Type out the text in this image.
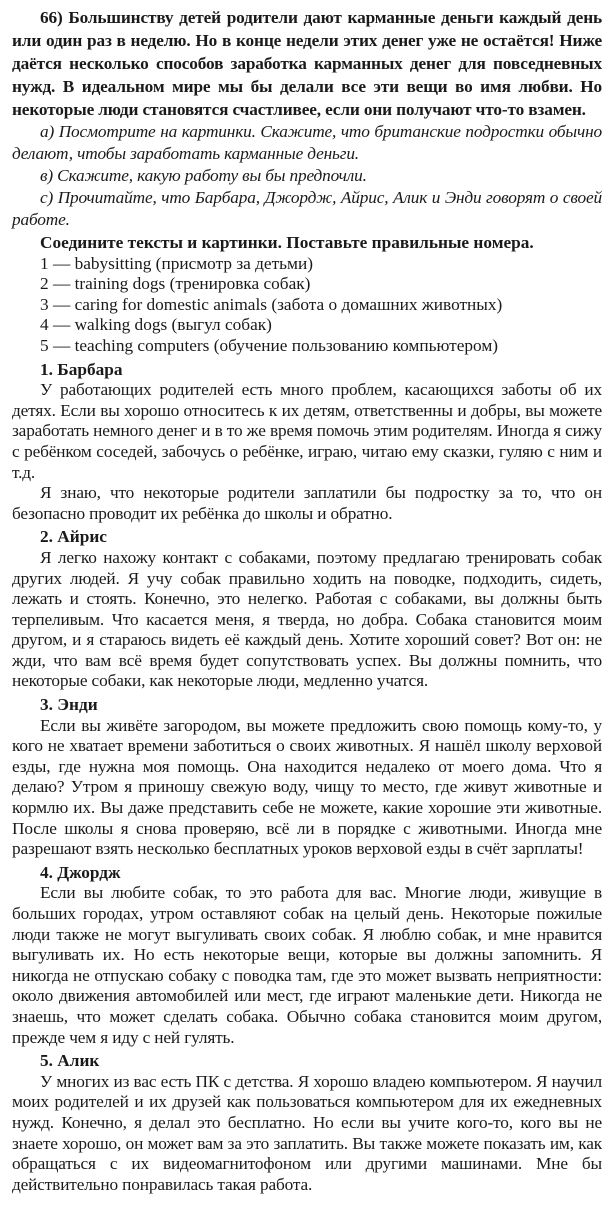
66) Большинству детей родители дают карманные деньги каждый день или один раз в неделю. Но в конце недели этих денег уже не остаётся! Ниже даётся несколько способов заработка карманных денег для повседневных нужд. В идеальном мире мы бы делали все эти вещи во имя любви. Но некоторые люди становятся счастливее, если они получают что-то взамен.

а) Посмотрите на картинки. Скажите, что британские подростки обычно делают, чтобы заработать карманные деньги.

в) Скажите, какую работу вы бы предпочли.

с) Прочитайте, что Барбара, Джордж, Айрис, Алик и Энди говорят о своей работе.

Соедините тексты и картинки. Поставьте правильные номера.
1 — babysitting (присмотр за детьми)
2 — training dogs (тренировка собак)
3 — caring for domestic animals (забота о домашних животных)
4 — walking dogs (выгул собак)
5 — teaching computers (обучение пользованию компьютером)
1. Барбара

У работающих родителей есть много проблем, касающихся заботы об их детях. Если вы хорошо относитесь к их детям, ответственны и добры, вы можете заработать немного денег и в то же время помочь этим родителям. Иногда я сижу с ребёнком соседей, забочусь о ребёнке, играю, читаю ему сказки, гуляю с ним и т.д.

Я знаю, что некоторые родители заплатили бы подростку за то, что он безопасно проводит их ребёнка до школы и обратно.

2. Айрис

Я легко нахожу контакт с собаками, поэтому предлагаю тренировать собак других людей. Я учу собак правильно ходить на поводке, подходить, сидеть, лежать и стоять. Конечно, это нелегко. Работая с собаками, вы должны быть терпеливым. Что касается меня, я тверда, но добра. Собака становится моим другом, и я стараюсь видеть её каждый день. Хотите хороший совет? Вот он: не жди, что вам всё время будет сопутствовать успех. Вы должны помнить, что некоторые собаки, как некоторые люди, медленно учатся.

3. Энди

Если вы живёте загородом, вы можете предложить свою помощь кому-то, у кого не хватает времени заботиться о своих животных. Я нашёл школу верховой езды, где нужна моя помощь. Она находится недалеко от моего дома. Что я делаю? Утром я приношу свежую воду, чищу то место, где живут животные и кормлю их. Вы даже представить себе не можете, какие хорошие эти животные. После школы я снова проверяю, всё ли в порядке с животными. Иногда мне разрешают взять несколько бесплатных уроков верховой езды в счёт зарплаты!

4. Джордж

Если вы любите собак, то это работа для вас. Многие люди, живущие в больших городах, утром оставляют собак на целый день. Некоторые пожилые люди также не могут выгуливать своих собак. Я люблю собак, и мне нравится выгуливать их. Но есть некоторые вещи, которые вы должны запомнить. Я никогда не отпускаю собаку с поводка там, где это может вызвать неприятности: около движения автомобилей или мест, где играют маленькие дети. Никогда не знаешь, что может сделать собака. Обычно собака становится моим другом, прежде чем я иду с ней гулять.

5. Алик

У многих из вас есть ПК с детства. Я хорошо владею компьютером. Я научил моих родителей и их друзей как пользоваться компьютером для их ежедневных нужд. Конечно, я делал это бесплатно. Но если вы учите кого-то, кого вы не знаете хорошо, он может вам за это заплатить. Вы также можете показать им, как обращаться с их видеомагнитофоном или другими машинами. Мне бы действительно понравилась такая работа.
